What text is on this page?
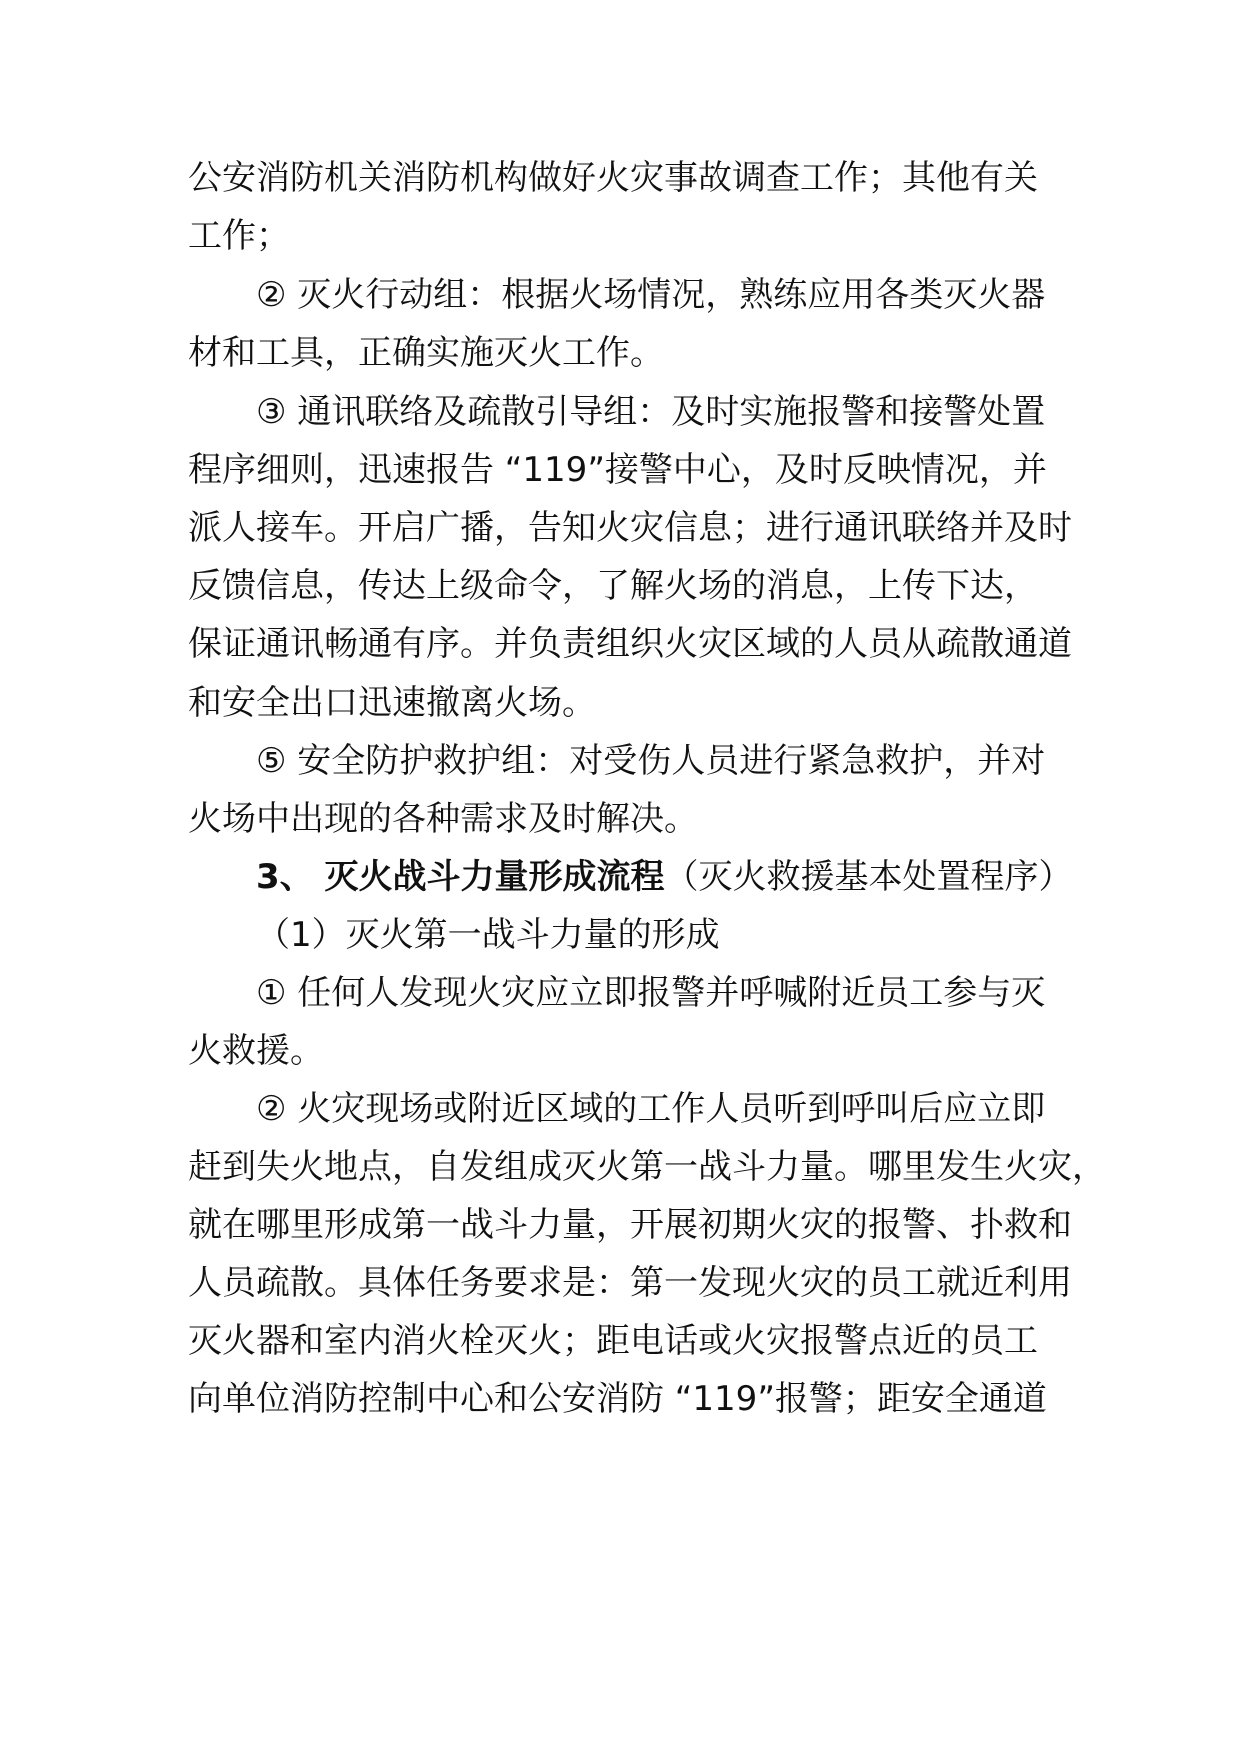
公安消防机关消防机构做好火灾事故调查工作；其他有关
工作；
② 灭火行动组：根据火场情况，熟练应用各类灭火器
材和工具，正确实施灭火工作。
③ 通讯联络及疏散引导组：及时实施报警和接警处置
程序细则，迅速报告 “119”接警中心，及时反映情况，并
派人接车。开启广播，告知火灾信息；进行通讯联络并及时
反馈信息，传达上级命令，了解火场的消息，上传下达，
保证通讯畅通有序。并负责组织火灾区域的人员从疏散通道
和安全出口迅速撤离火场。
⑤ 安全防护救护组：对受伤人员进行紧急救护，并对
火场中出现的各种需求及时解决。
3、 灭火战斗力量形成流程（灭火救援基本处置程序）
（1）灭火第一战斗力量的形成
① 任何人发现火灾应立即报警并呼喊附近员工参与灭
火救援。
② 火灾现场或附近区域的工作人员听到呼叫后应立即
赶到失火地点，自发组成灭火第一战斗力量。哪里发生火灾，
就在哪里形成第一战斗力量，开展初期火灾的报警、扑救和
人员疏散。具体任务要求是：第一发现火灾的员工就近利用
灭火器和室内消火栓灭火；距电话或火灾报警点近的员工
向单位消防控制中心和公安消防 “119”报警；距安全通道
